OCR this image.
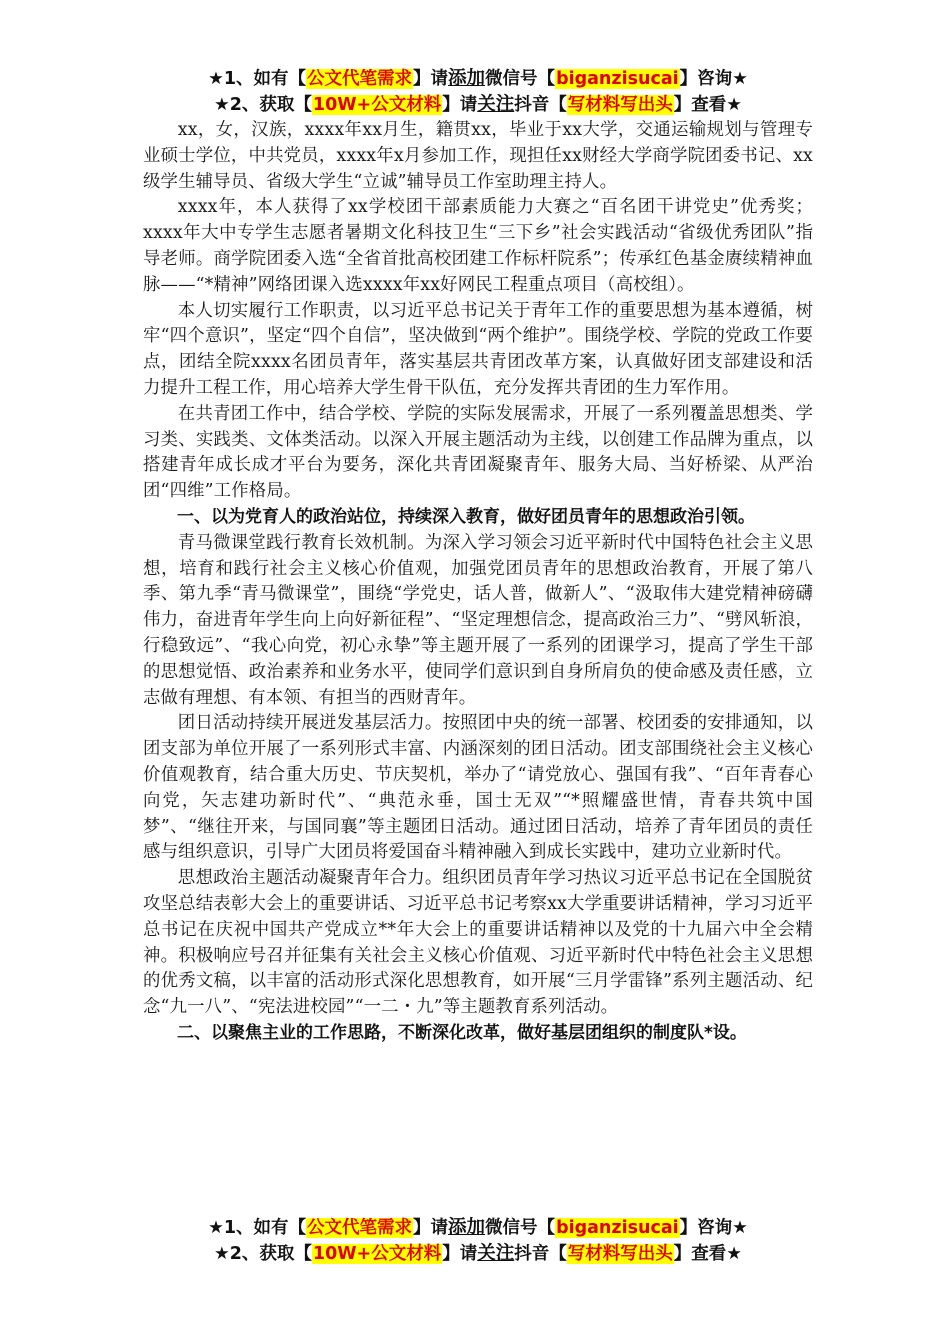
★1、如有【公文代笔需求】请添加微信号【biganzisucai】咨询★
★2、获取【10W+公文材料】请关注抖音【写材料写出头】查看★

xx，女，汉族，xxxx年xx月生，籍贯xx，毕业于xx大学，交通运输规划与管理专业硕士学位，中共党员，xxxx年x月参加工作，现担任xx财经大学商学院团委书记、xx级学生辅导员、省级大学生“立诚”辅导员工作室助理主持人。

xxxx年，本人获得了xx学校团干部素质能力大赛之“百名团干讲党史”优秀奖；xxxx年大中专学生志愿者暑期文化科技卫生“三下乡”社会实践活动“省级优秀团队”指导老师。商学院团委入选“全省首批高校团建工作标杆院系”；传承红色基金赓续精神血脉——“*精神”网络团课入选xxxx年xx好网民工程重点项目（高校组）。

本人切实履行工作职责，以习近平总书记关于青年工作的重要思想为基本遵循，树牢“四个意识”，坚定“四个自信”，坚决做到“两个维护”。围绕学校、学院的党政工作要点，团结全院xxxx名团员青年，落实基层共青团改革方案，认真做好团支部建设和活力提升工程工作，用心培养大学生骨干队伍，充分发挥共青团的生力军作用。

在共青团工作中，结合学校、学院的实际发展需求，开展了一系列覆盖思想类、学习类、实践类、文体类活动。以深入开展主题活动为主线，以创建工作品牌为重点，以搭建青年成长成才平台为要务，深化共青团凝聚青年、服务大局、当好桥梁、从严治团“四维”工作格局。

一、以为党育人的政治站位，持续深入教育，做好团员青年的思想政治引领。

青马微课堂践行教育长效机制。为深入学习领会习近平新时代中国特色社会主义思想，培育和践行社会主义核心价值观，加强党团员青年的思想政治教育，开展了第八季、第九季“青马微课堂”，围绕“学党史，话人普，做新人”、“汲取伟大建党精神磅礴伟力，奋进青年学生向上向好新征程”、“坚定理想信念，提高政治三力”、“劈风斩浪，行稳致远”、“我心向党，初心永挚”等主题开展了一系列的团课学习，提高了学生干部的思想觉悟、政治素养和业务水平，使同学们意识到自身所肩负的使命感及责任感，立志做有理想、有本领、有担当的西财青年。

团日活动持续开展迸发基层活力。按照团中央的统一部署、校团委的安排通知，以团支部为单位开展了一系列形式丰富、内涵深刻的团日活动。团支部围绕社会主义核心价值观教育，结合重大历史、节庆契机，举办了“请党放心、强国有我”、“百年青春心向党，矢志建功新时代”、“典范永垂，国士无双”“*照耀盛世情，青春共筑中国梦”、“继往开来，与国同襄”等主题团日活动。通过团日活动，培养了青年团员的责任感与组织意识，引导广大团员将爱国奋斗精神融入到成长实践中，建功立业新时代。

思想政治主题活动凝聚青年合力。组织团员青年学习热议习近平总书记在全国脱贫攻坚总结表彰大会上的重要讲话、习近平总书记考察xx大学重要讲话精神，学习习近平总书记在庆祝中国共产党成立**年大会上的重要讲话精神以及党的十九届六中全会精神。积极响应号召并征集有关社会主义核心价值观、习近平新时代中特色社会主义思想的优秀文稿，以丰富的活动形式深化思想教育，如开展“三月学雷锋”系列主题活动、纪念“九一八”、“宪法进校园”“一二・九”等主题教育系列活动。

二、以聚焦主业的工作思路，不断深化改革，做好基层团组织的制度队*设。

★1、如有【公文代笔需求】请添加微信号【biganzisucai】咨询★
★2、获取【10W+公文材料】请关注抖音【写材料写出头】查看★
